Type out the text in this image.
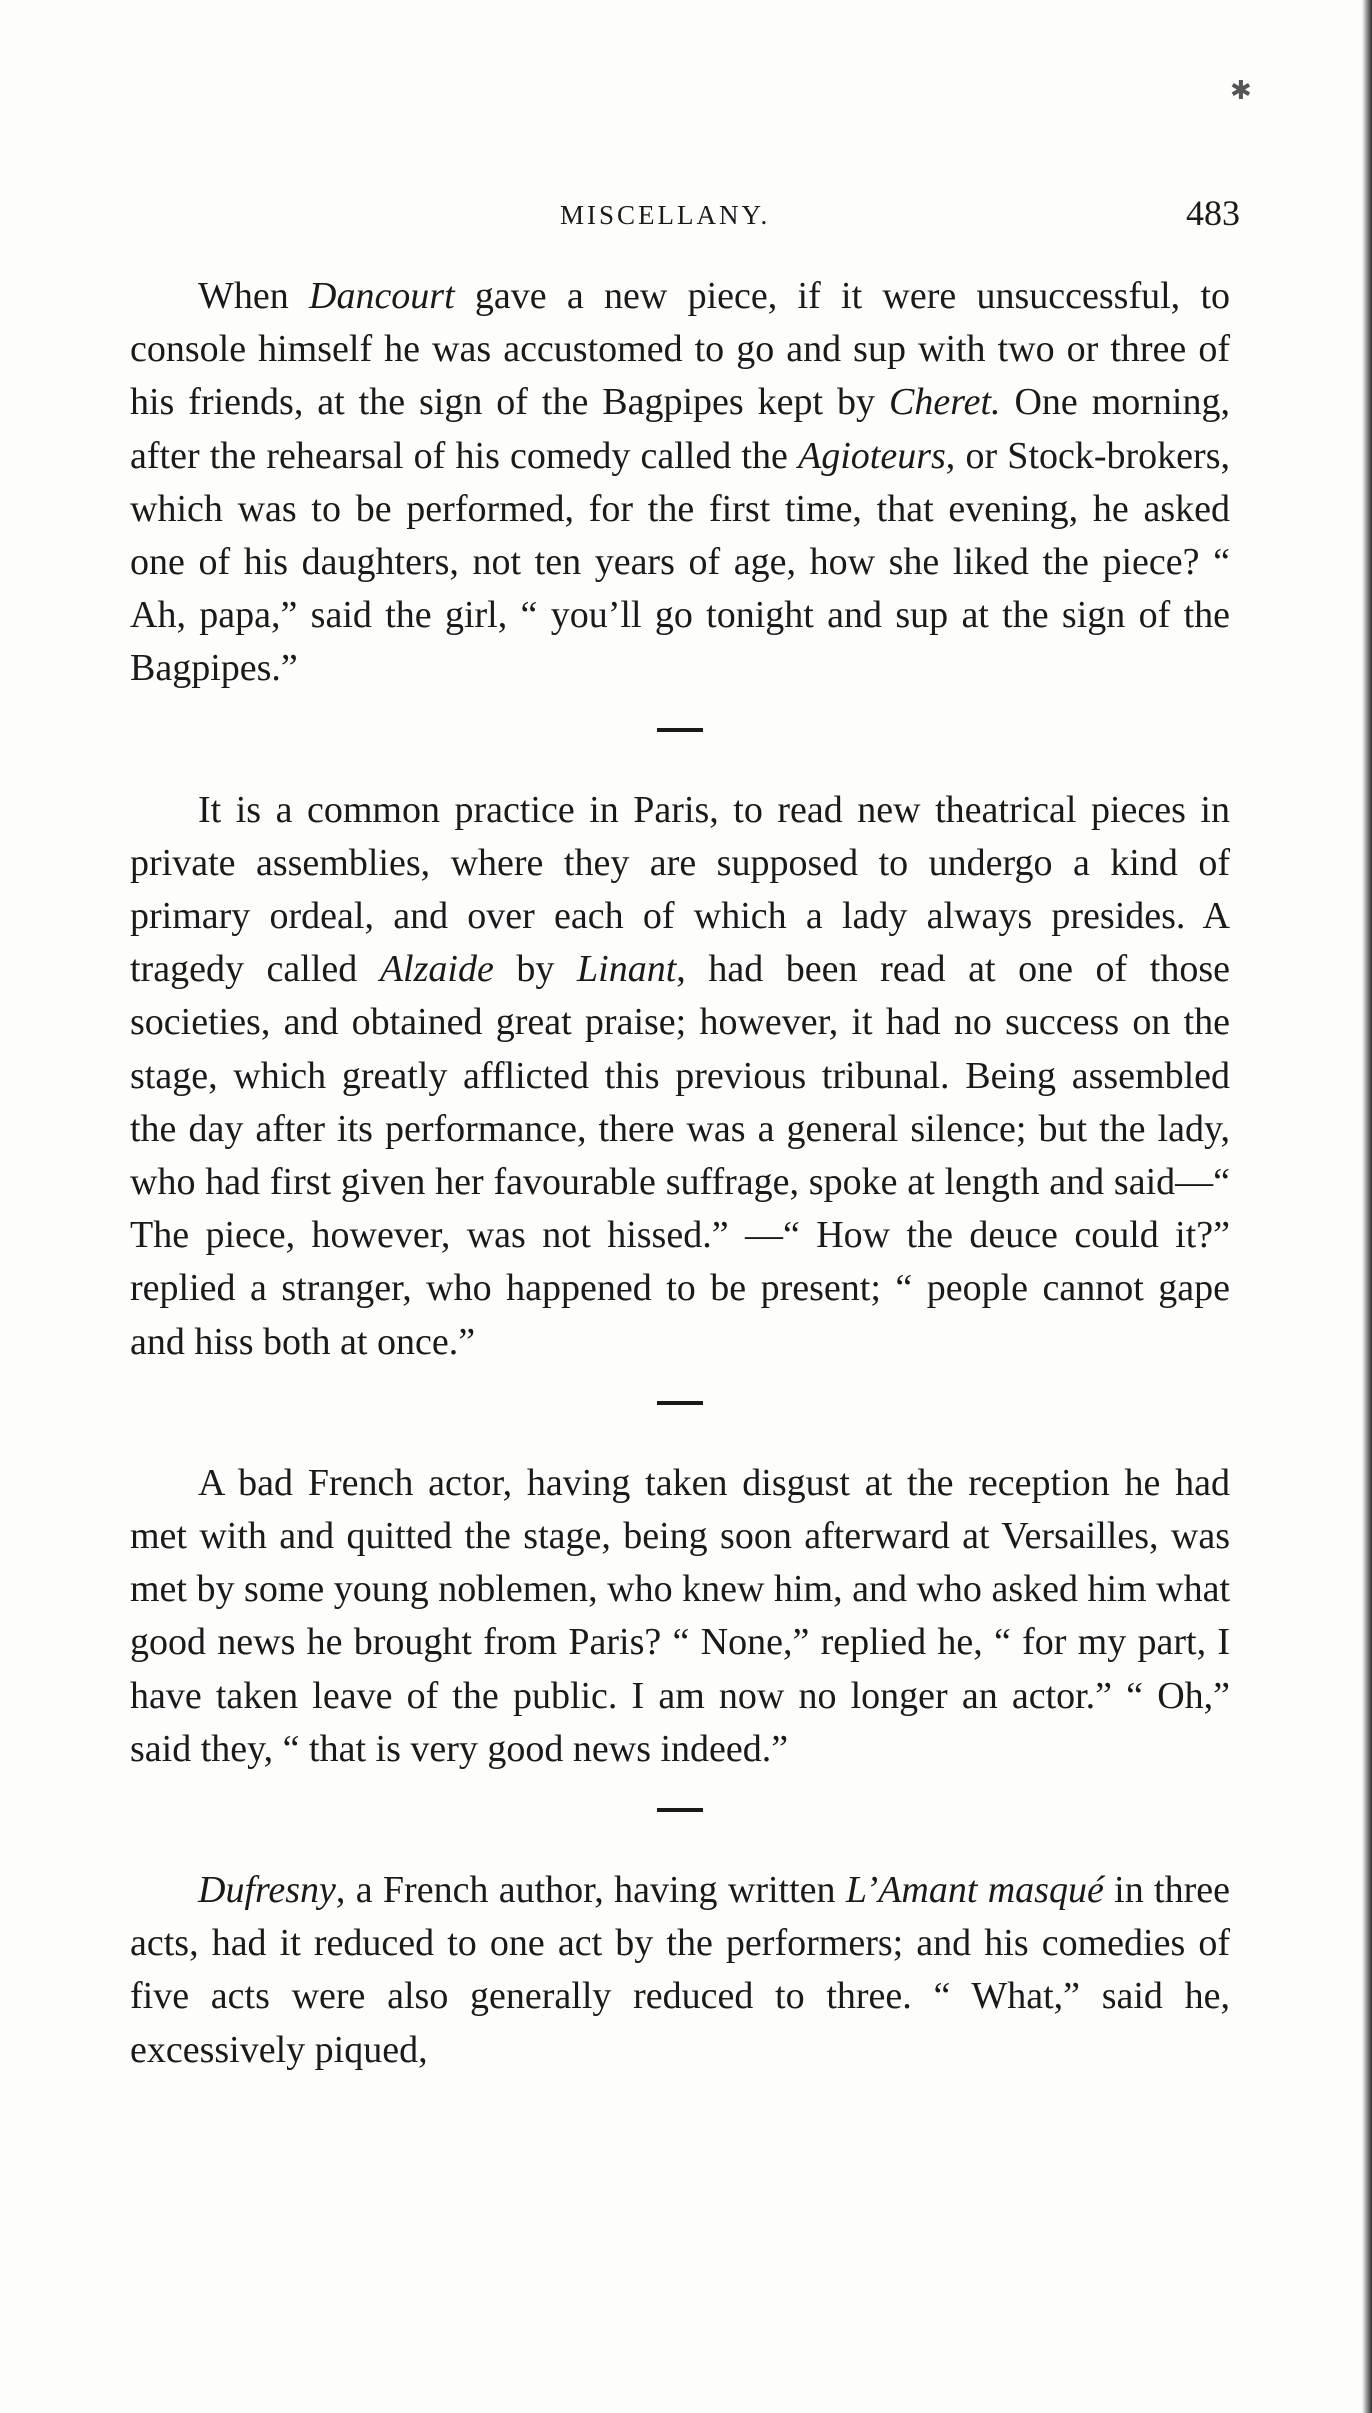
✱
MISCELLANY.	483

When Dancourt gave a new piece, if it were unsuccessful, to console himself he was accustomed to go and sup with two or three of his friends, at the sign of the Bagpipes kept by Cheret. One morning, after the rehearsal of his comedy called the Agioteurs, or Stock-brokers, which was to be performed, for the first time, that evening, he asked one of his daughters, not ten years of age, how she liked the piece? “ Ah, papa,” said the girl, “ you’ll go tonight and sup at the sign of the Bagpipes.”

It is a common practice in Paris, to read new theatrical pieces in private assemblies, where they are supposed to undergo a kind of primary ordeal, and over each of which a lady always presides. A tragedy called Alzaide by Linant, had been read at one of those societies, and obtained great praise; however, it had no success on the stage, which greatly afflicted this previous tribunal. Being assembled the day after its performance, there was a general silence; but the lady, who had first given her favourable suffrage, spoke at length and said—“ The piece, however, was not hissed.” —“ How the deuce could it?” replied a stranger, who happened to be present; “ people cannot gape and hiss both at once.”

A bad French actor, having taken disgust at the reception he had met with and quitted the stage, being soon afterward at Versailles, was met by some young noblemen, who knew him, and who asked him what good news he brought from Paris? “ None,” replied he, “ for my part, I have taken leave of the public. I am now no longer an actor.” “ Oh,” said they, “ that is very good news indeed.”

Dufresny, a French author, having written L’Amant masqué in three acts, had it reduced to one act by the performers; and his comedies of five acts were also generally reduced to three. “ What,” said he, excessively piqued,
